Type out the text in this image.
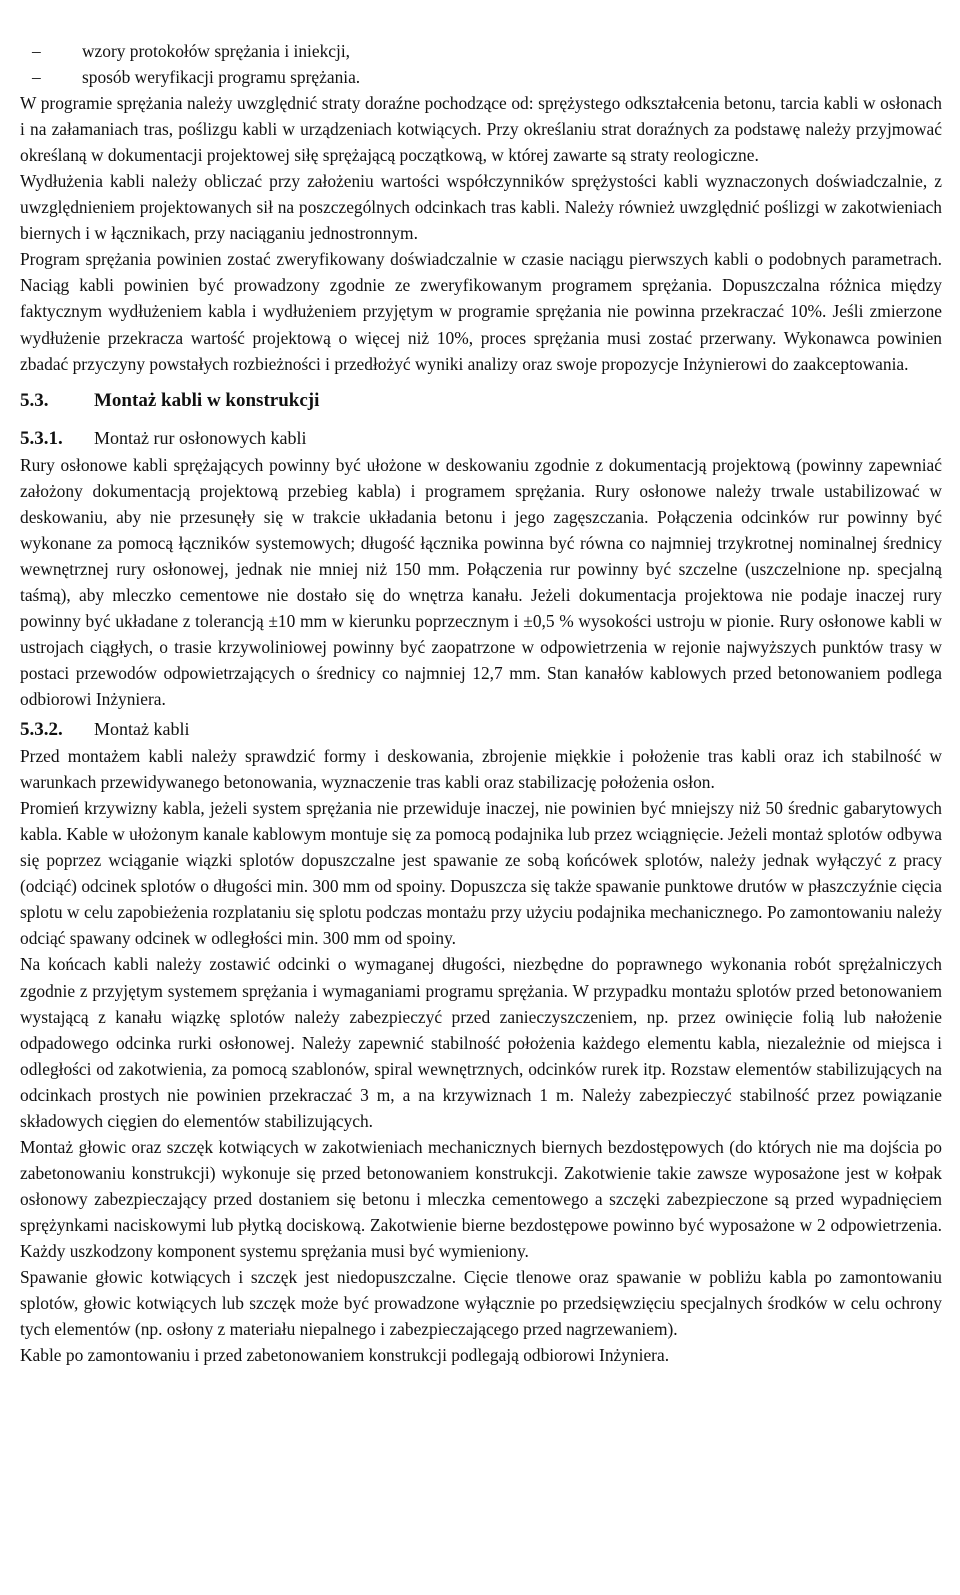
– wzory protokołów sprężania i iniekcji,
– sposób weryfikacji programu sprężania.

W programie sprężania należy uwzględnić straty doraźne pochodzące od: sprężystego odkształcenia betonu, tarcia kabli w osłonach i na załamaniach tras, poślizgu kabli w urządzeniach kotwiących. Przy określaniu strat doraźnych za podstawę należy przyjmować określaną w dokumentacji projektowej siłę sprężającą początkową, w której zawarte są straty reologiczne.

Wydłużenia kabli należy obliczać przy założeniu wartości współczynników sprężystości kabli wyznaczonych doświadczalnie, z uwzględnieniem projektowanych sił na poszczególnych odcinkach tras kabli. Należy również uwzględnić poślizgi w zakotwieniach biernych i w łącznikach, przy naciąganiu jednostronnym.

Program sprężania powinien zostać zweryfikowany doświadczalnie w czasie naciągu pierwszych kabli o podobnych parametrach. Naciąg kabli powinien być prowadzony zgodnie ze zweryfikowanym programem sprężania. Dopuszczalna różnica między faktycznym wydłużeniem kabla i wydłużeniem przyjętym w programie sprężania nie powinna przekraczać 10%. Jeśli zmierzone wydłużenie przekracza wartość projektową o więcej niż 10%, proces sprężania musi zostać przerwany. Wykonawca powinien zbadać przyczyny powstałych rozbieżności i przedłożyć wyniki analizy oraz swoje propozycje Inżynierowi do zaakceptowania.

5.3. Montaż kabli w konstrukcji
5.3.1. Montaż rur osłonowych kabli

Rury osłonowe kabli sprężających powinny być ułożone w deskowaniu zgodnie z dokumentacją projektową (powinny zapewniać założony dokumentacją projektową przebieg kabla) i programem sprężania. Rury osłonowe należy trwale ustabilizować w deskowaniu, aby nie przesunęły się w trakcie układania betonu i jego zagęszczania. Połączenia odcinków rur powinny być wykonane za pomocą łączników systemowych; długość łącznika powinna być równa co najmniej trzykrotnej nominalnej średnicy wewnętrznej rury osłonowej, jednak nie mniej niż 150 mm. Połączenia rur powinny być szczelne (uszczelnione np. specjalną taśmą), aby mleczko cementowe nie dostało się do wnętrza kanału. Jeżeli dokumentacja projektowa nie podaje inaczej rury powinny być układane z tolerancją ±10 mm w kierunku poprzecznym i ±0,5 % wysokości ustroju w pionie. Rury osłonowe kabli w ustrojach ciągłych, o trasie krzywoliniowej powinny być zaopatrzone w odpowietrzenia w rejonie najwyższych punktów trasy w postaci przewodów odpowietrzających o średnicy co najmniej 12,7 mm. Stan kanałów kablowych przed betonowaniem podlega odbiorowi Inżyniera.

5.3.2. Montaż kabli

Przed montażem kabli należy sprawdzić formy i deskowania, zbrojenie miękkie i położenie tras kabli oraz ich stabilność w warunkach przewidywanego betonowania, wyznaczenie tras kabli oraz stabilizację położenia osłon.

Promień krzywizny kabla, jeżeli system sprężania nie przewiduje inaczej, nie powinien być mniejszy niż 50 średnic gabarytowych kabla. Kable w ułożonym kanale kablowym montuje się za pomocą podajnika lub przez wciągnięcie. Jeżeli montaż splotów odbywa się poprzez wciąganie wiązki splotów dopuszczalne jest spawanie ze sobą końcówek splotów, należy jednak wyłączyć z pracy (odciąć) odcinek splotów o długości min. 300 mm od spoiny. Dopuszcza się także spawanie punktowe drutów w płaszczyźnie cięcia splotu w celu zapobieżenia rozplataniu się splotu podczas montażu przy użyciu podajnika mechanicznego. Po zamontowaniu należy odciąć spawany odcinek w odległości min. 300 mm od spoiny.

Na końcach kabli należy zostawić odcinki o wymaganej długości, niezbędne do poprawnego wykonania robót sprężalniczych zgodnie z przyjętym systemem sprężania i wymaganiami programu sprężania. W przypadku montażu splotów przed betonowaniem wystającą z kanału wiązkę splotów należy zabezpieczyć przed zanieczyszczeniem, np. przez owinięcie folią lub nałożenie odpadowego odcinka rurki osłonowej. Należy zapewnić stabilność położenia każdego elementu kabla, niezależnie od miejsca i odległości od zakotwienia, za pomocą szablonów, spiral wewnętrznych, odcinków rurek itp. Rozstaw elementów stabilizujących na odcinkach prostych nie powinien przekraczać 3 m, a na krzywiznach 1 m. Należy zabezpieczyć stabilność przez powiązanie składowych cięgien do elementów stabilizujących.

Montaż głowic oraz szczęk kotwiących w zakotwieniach mechanicznych biernych bezdostępowych (do których nie ma dojścia po zabetonowaniu konstrukcji) wykonuje się przed betonowaniem konstrukcji. Zakotwienie takie zawsze wyposażone jest w kołpak osłonowy zabezpieczający przed dostaniem się betonu i mleczka cementowego a szczęki zabezpieczone są przed wypadnięciem sprężynkami naciskowymi lub płytką dociskową. Zakotwienie bierne bezdostępowe powinno być wyposażone w 2 odpowietrzenia. Każdy uszkodzony komponent systemu sprężania musi być wymieniony.

Spawanie głowic kotwiących i szczęk jest niedopuszczalne. Cięcie tlenowe oraz spawanie w pobliżu kabla po zamontowaniu splotów, głowic kotwiących lub szczęk może być prowadzone wyłącznie po przedsięwzięciu specjalnych środków w celu ochrony tych elementów (np. osłony z materiału niepalnego i zabezpieczającego przed nagrzewaniem).

Kable po zamontowaniu i przed zabetonowaniem konstrukcji podlegają odbiorowi Inżyniera.
